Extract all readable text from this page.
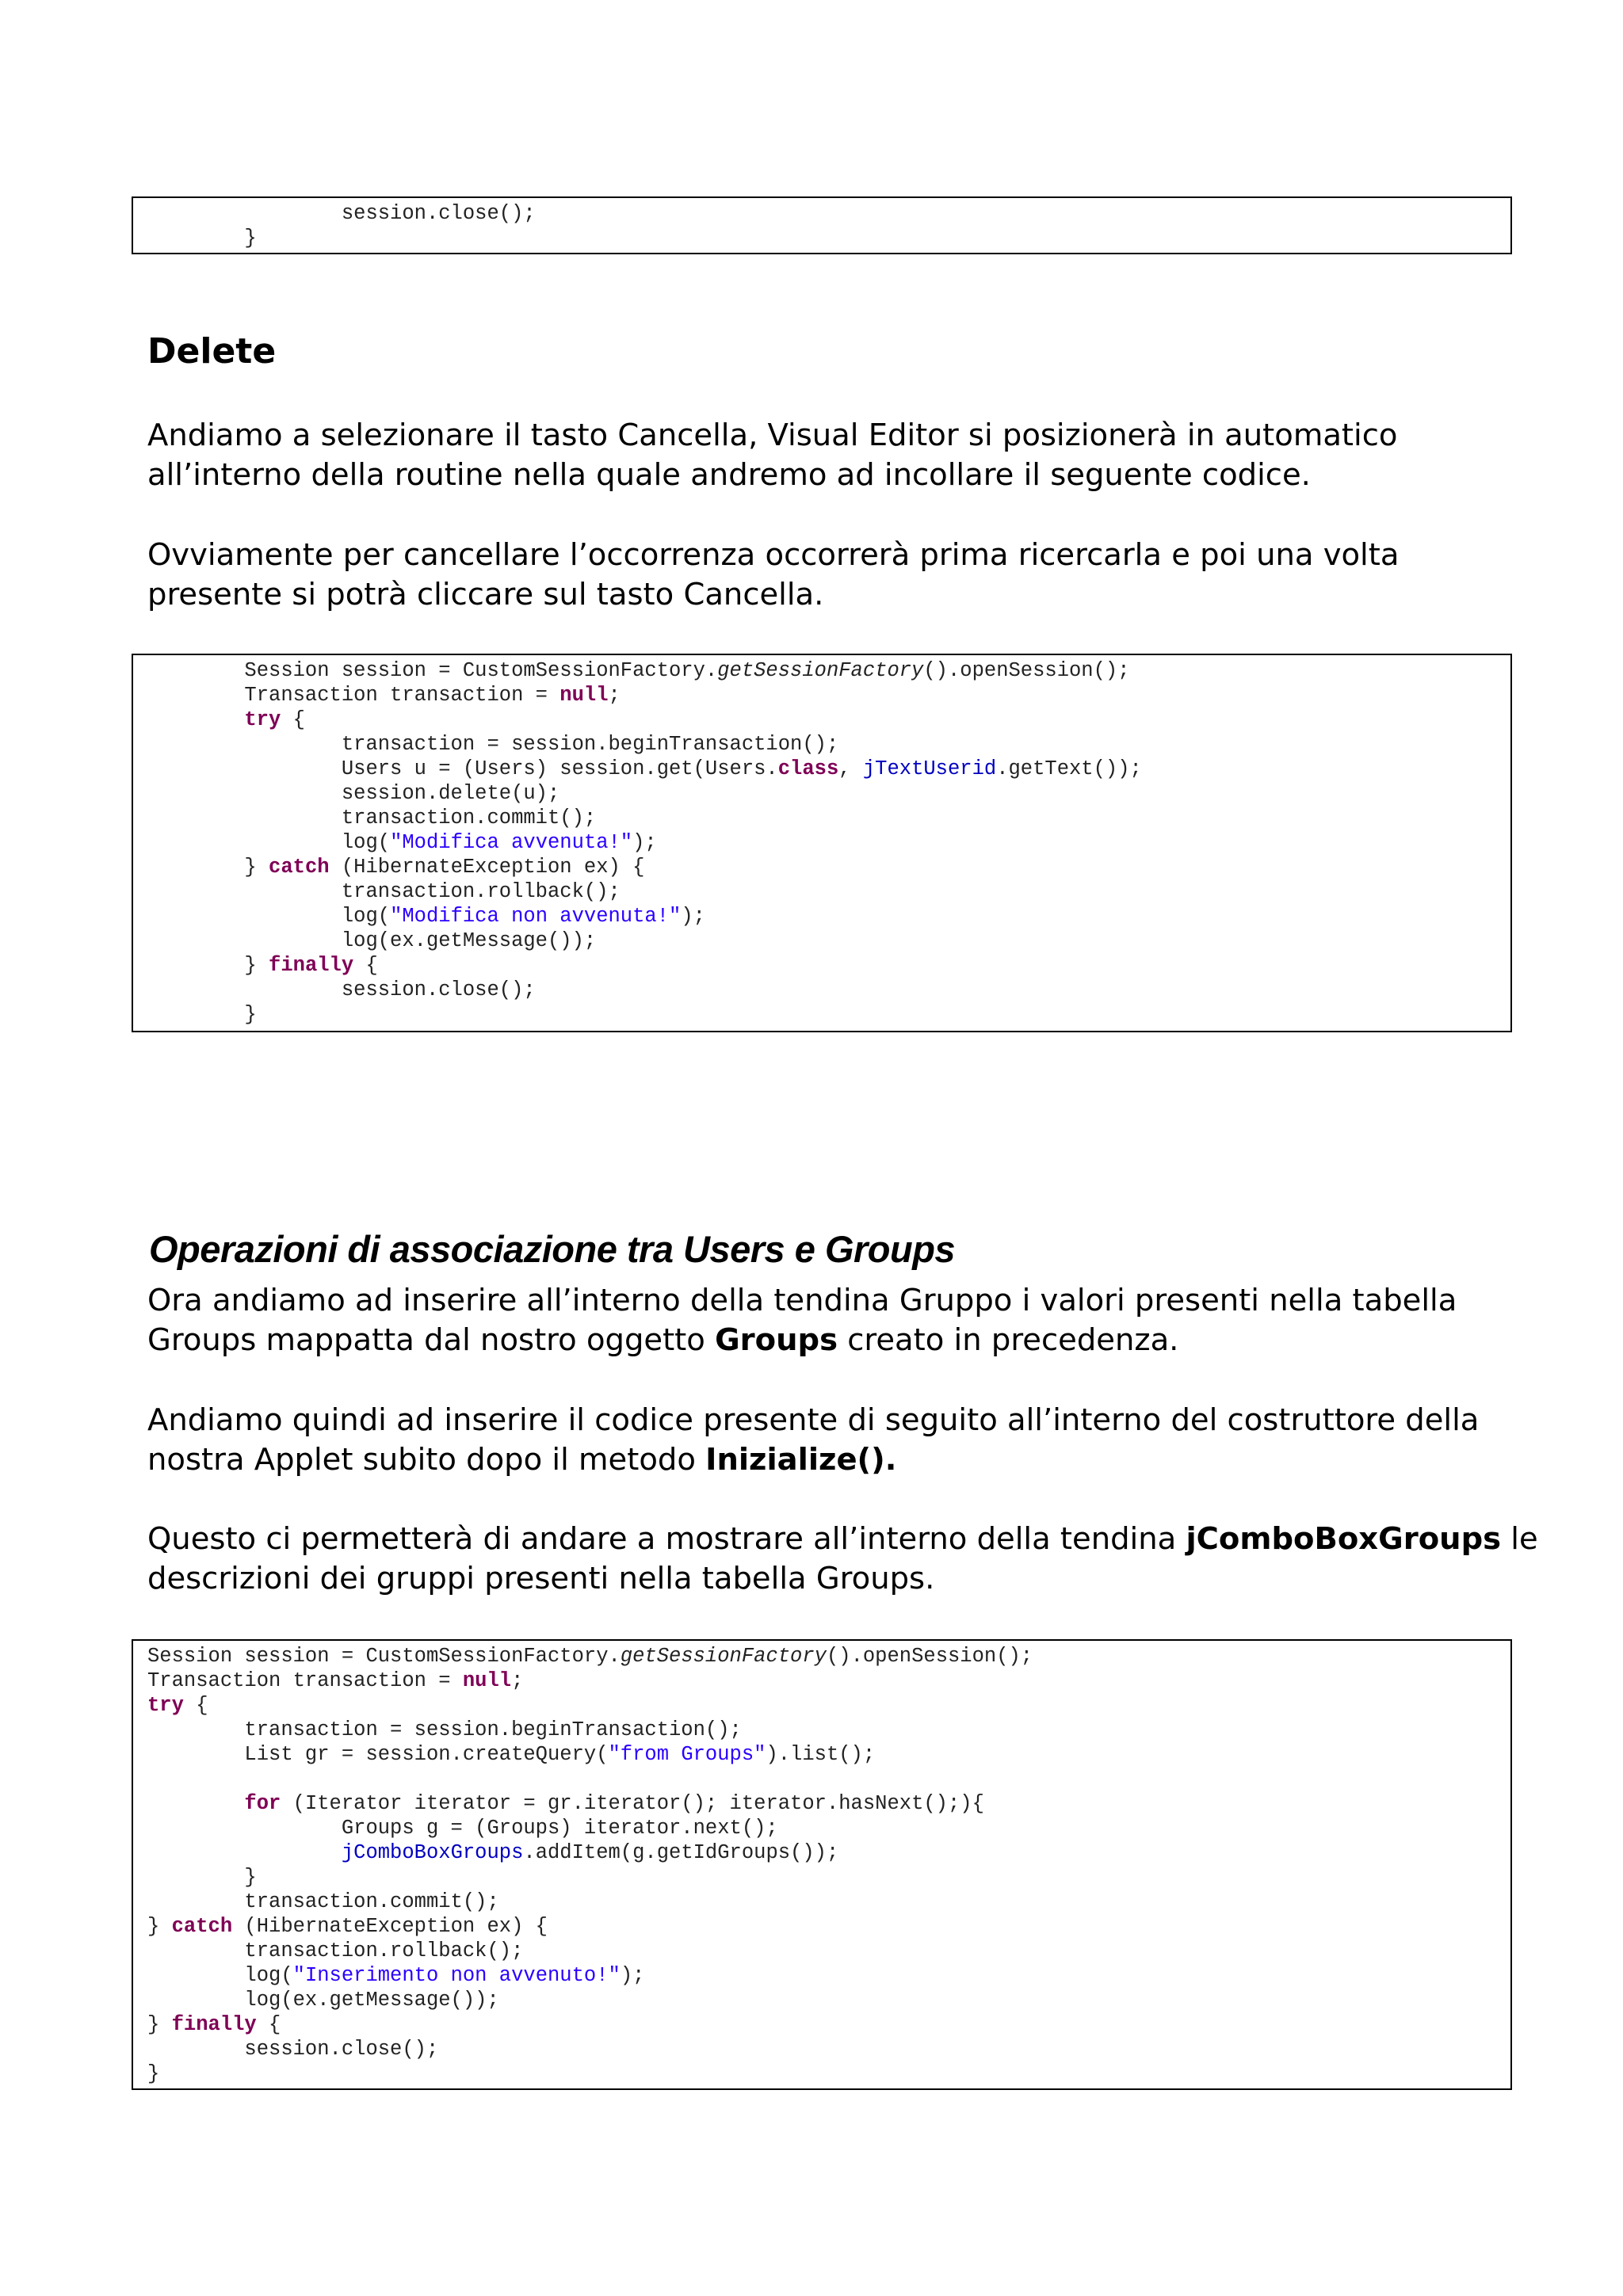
session.close();
}
Delete

Andiamo a selezionare il tasto Cancella, Visual Editor si posizionerà in automatico all’interno della routine nella quale andremo ad incollare il seguente codice.

Ovviamente per cancellare l’occorrenza occorrerà prima ricercarla e poi una volta presente si potrà cliccare sul tasto Cancella.

Session session = CustomSessionFactory.getSessionFactory().openSession();
Transaction transaction = null;
try {
transaction = session.beginTransaction();
Users u = (Users) session.get(Users.class, jTextUserid.getText());
session.delete(u);
transaction.commit();
log("Modifica avvenuta!");
} catch (HibernateException ex) {
transaction.rollback();
log("Modifica non avvenuta!");
log(ex.getMessage());
} finally {
session.close();
}
Operazioni di associazione tra Users e Groups

Ora andiamo ad inserire all’interno della tendina Gruppo i valori presenti nella tabella Groups mappatta dal nostro oggetto Groups creato in precedenza.

Andiamo quindi ad inserire il codice presente di seguito all’interno del costruttore della nostra Applet subito dopo il metodo Inizialize().

Questo ci permetterà di andare a mostrare all’interno della tendina jComboBoxGroups le descrizioni dei gruppi presenti nella tabella Groups.

Session session = CustomSessionFactory.getSessionFactory().openSession();
Transaction transaction = null;
try {
transaction = session.beginTransaction();
List gr = session.createQuery("from Groups").list();
for (Iterator iterator = gr.iterator(); iterator.hasNext();){
Groups g = (Groups) iterator.next();
jComboBoxGroups.addItem(g.getIdGroups());
}
transaction.commit();
} catch (HibernateException ex) {
transaction.rollback();
log("Inserimento non avvenuto!");
log(ex.getMessage());
} finally {
session.close();
}
